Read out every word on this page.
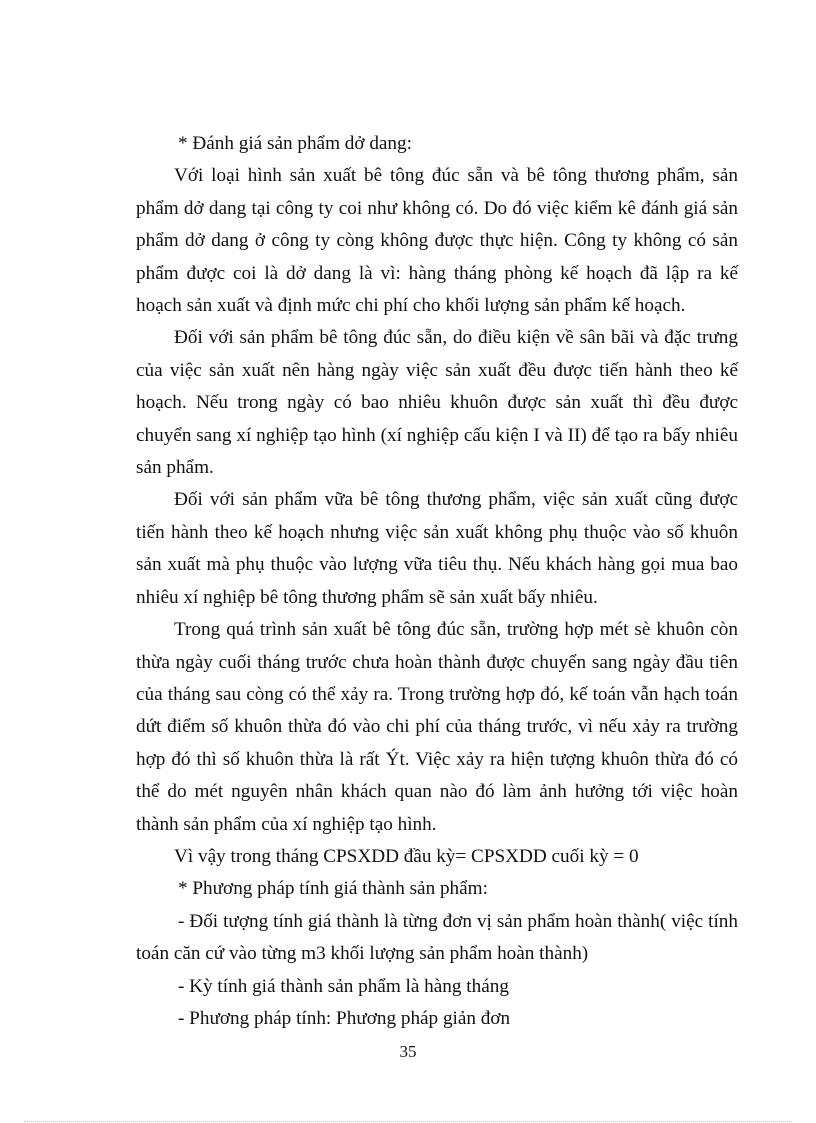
* Đánh giá sản phẩm dở dang:

Với loại hình sản xuất bê tông đúc sẵn và bê tông thương phẩm, sản phẩm dở dang tại công ty coi như không có. Do đó việc kiểm kê đánh giá sản phẩm dở dang ở công ty còng không được thực hiện. Công ty không có sản phẩm được coi là dở dang là vì: hàng tháng phòng kế hoạch đã lập ra kế hoạch sản xuất và định mức chi phí cho khối lượng sản phẩm kế hoạch.

Đối với sản phẩm bê tông đúc sẵn, do điều kiện về sân bãi và đặc trưng của việc sản xuất nên hàng ngày việc sản xuất đều được tiến hành theo kế hoạch. Nếu trong ngày có bao nhiêu khuôn được sản xuất thì đều được chuyển sang xí nghiệp tạo hình (xí nghiệp cấu kiện I và II) để tạo ra bấy nhiêu sản phẩm.

Đối với sản phẩm vữa bê tông thương phẩm, việc sản xuất cũng được tiến hành theo kế hoạch nhưng việc sản xuất không phụ thuộc vào số khuôn sản xuất mà phụ thuộc vào lượng vữa tiêu thụ. Nếu khách hàng gọi mua bao nhiêu xí nghiệp bê tông thương phẩm sẽ sản xuất bấy nhiêu.

Trong quá trình sản xuất bê tông đúc sẵn, trường hợp mét sè khuôn còn thừa ngày cuối tháng trước chưa hoàn thành được chuyển sang ngày đầu tiên của tháng sau còng có thể xảy ra. Trong trường hợp đó, kế toán vẫn hạch toán dứt điểm số khuôn thừa đó vào chi phí của tháng trước, vì nếu xảy ra trường hợp đó thì số khuôn thừa là rất Ýt. Việc xảy ra hiện tượng khuôn thừa đó có thể do mét nguyên nhân khách quan nào đó làm ảnh hưởng tới việc hoàn thành sản phẩm của xí nghiệp tạo hình.

Vì vậy trong tháng CPSXDD đầu kỳ= CPSXDD cuối kỳ = 0

* Phương pháp tính giá thành sản phẩm:

- Đối tượng tính giá thành là từng đơn vị sản phẩm hoàn thành( việc tính toán căn cứ vào từng m3 khối lượng sản phẩm hoàn thành)

- Kỳ tính giá thành sản phẩm là hàng tháng

- Phương pháp tính: Phương pháp giản đơn

35
